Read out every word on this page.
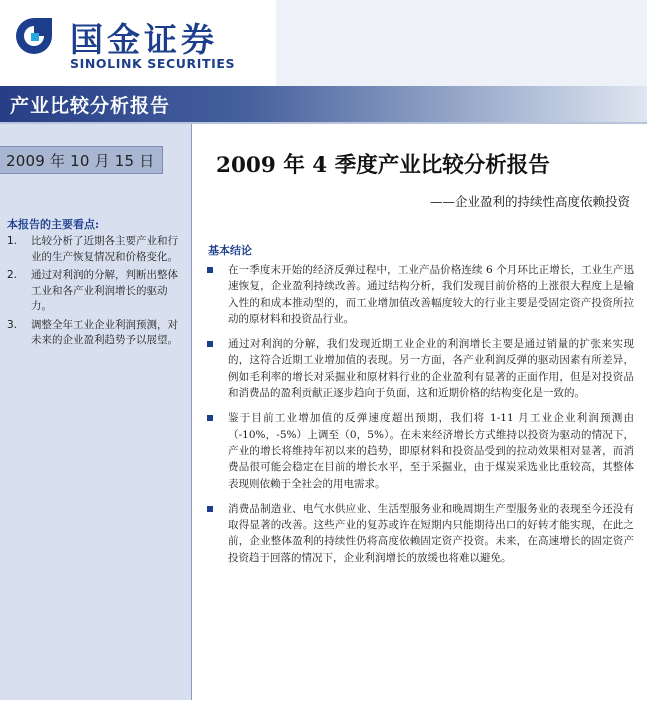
国金证券
SINOLINK SECURITIES
产业比较分析报告
2009 年 10 月 15 日
本报告的主要看点:
1. 比较分析了近期各主要产业和行业的生产恢复情况和价格变化。
2. 通过对利润的分解，判断出整体工业和各产业利润增长的驱动力。
3. 调整全年工业企业利润预测，对未来的企业盈利趋势予以展望。
2009 年 4 季度产业比较分析报告
——企业盈利的持续性高度依赖投资
基本结论
在一季度末开始的经济反弹过程中，工业产品价格连续 6 个月环比正增长，工业生产迅速恢复，企业盈利持续改善。通过结构分析，我们发现目前价格的上涨很大程度上是输入性的和成本推动型的，而工业增加值改善幅度较大的行业主要是受固定资产投资所拉动的原材料和投资品行业。
通过对利润的分解，我们发现近期工业企业的利润增长主要是通过销量的扩张来实现的，这符合近期工业增加值的表现。另一方面，各产业利润反弹的驱动因素有所差异，例如毛利率的增长对采掘业和原材料行业的企业盈利有显著的正面作用，但是对投资品和消费品的盈利贡献正逐步趋向于负面，这和近期价格的结构变化是一致的。
鉴于目前工业增加值的反弹速度超出预期，我们将 1-11 月工业企业利润预测由（-10%，-5%）上调至（0，5%）。在未来经济增长方式维持以投资为驱动的情况下，产业的增长将维持年初以来的趋势，即原材料和投资品受到的拉动效果相对显著，而消费品很可能会稳定在目前的增长水平，至于采掘业，由于煤炭采选业比重较高，其整体表现则依赖于全社会的用电需求。
消费品制造业、电气水供应业、生活型服务业和晚周期生产型服务业的表现至今还没有取得显著的改善。这些产业的复苏或许在短期内只能期待出口的好转才能实现，在此之前，企业整体盈利的持续性仍将高度依赖固定资产投资。未来，在高速增长的固定资产投资趋于回落的情况下，企业利润增长的放缓也将难以避免。
